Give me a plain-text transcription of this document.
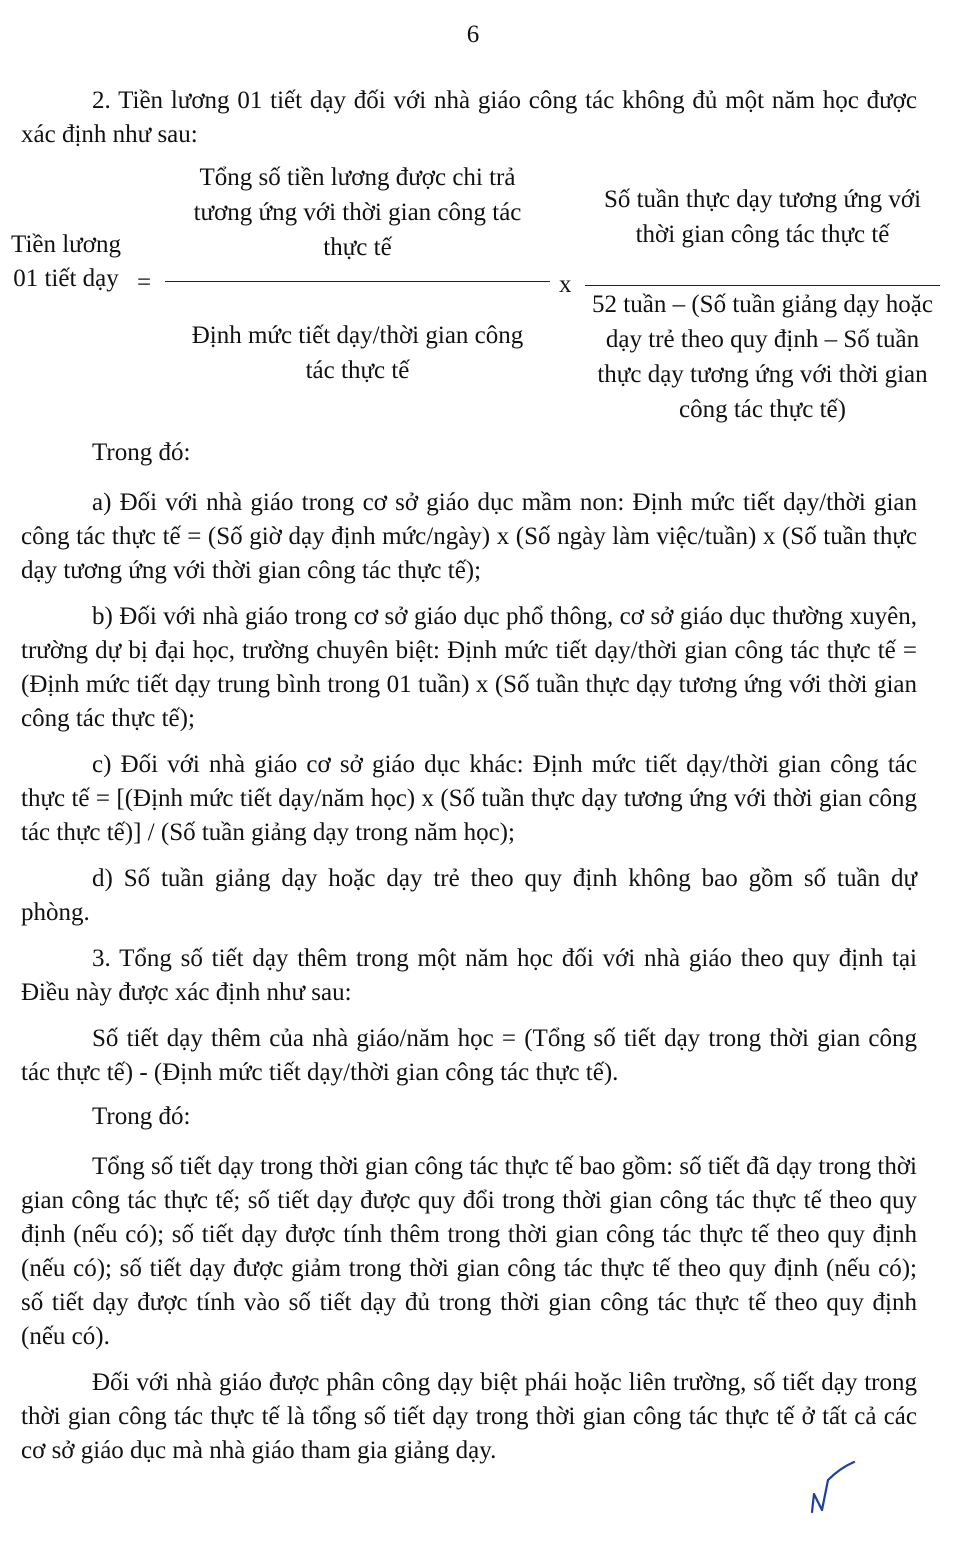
6

2. Tiền lương 01 tiết dạy đối với nhà giáo công tác không đủ một năm học được xác định như sau:

Tiền lương 01 tiết dạy =
Tổng số tiền lương được chi trả tương ứng với thời gian công tác thực tế
Định mức tiết dạy/thời gian công tác thực tế
x
Số tuần thực dạy tương ứng với thời gian công tác thực tế
52 tuần – (Số tuần giảng dạy hoặc dạy trẻ theo quy định – Số tuần thực dạy tương ứng với thời gian công tác thực tế)

Trong đó:

a) Đối với nhà giáo trong cơ sở giáo dục mầm non: Định mức tiết dạy/thời gian công tác thực tế = (Số giờ dạy định mức/ngày) x (Số ngày làm việc/tuần) x (Số tuần thực dạy tương ứng với thời gian công tác thực tế);

b) Đối với nhà giáo trong cơ sở giáo dục phổ thông, cơ sở giáo dục thường xuyên, trường dự bị đại học, trường chuyên biệt: Định mức tiết dạy/thời gian công tác thực tế = (Định mức tiết dạy trung bình trong 01 tuần) x (Số tuần thực dạy tương ứng với thời gian công tác thực tế);

c) Đối với nhà giáo cơ sở giáo dục khác: Định mức tiết dạy/thời gian công tác thực tế = [(Định mức tiết dạy/năm học) x (Số tuần thực dạy tương ứng với thời gian công tác thực tế)] / (Số tuần giảng dạy trong năm học);

d) Số tuần giảng dạy hoặc dạy trẻ theo quy định không bao gồm số tuần dự phòng.

3. Tổng số tiết dạy thêm trong một năm học đối với nhà giáo theo quy định tại Điều này được xác định như sau:

Số tiết dạy thêm của nhà giáo/năm học = (Tổng số tiết dạy trong thời gian công tác thực tế) - (Định mức tiết dạy/thời gian công tác thực tế).

Trong đó:

Tổng số tiết dạy trong thời gian công tác thực tế bao gồm: số tiết đã dạy trong thời gian công tác thực tế; số tiết dạy được quy đổi trong thời gian công tác thực tế theo quy định (nếu có); số tiết dạy được tính thêm trong thời gian công tác thực tế theo quy định (nếu có); số tiết dạy được giảm trong thời gian công tác thực tế theo quy định (nếu có); số tiết dạy được tính vào số tiết dạy đủ trong thời gian công tác thực tế theo quy định (nếu có).

Đối với nhà giáo được phân công dạy biệt phái hoặc liên trường, số tiết dạy trong thời gian công tác thực tế là tổng số tiết dạy trong thời gian công tác thực tế ở tất cả các cơ sở giáo dục mà nhà giáo tham gia giảng dạy.
